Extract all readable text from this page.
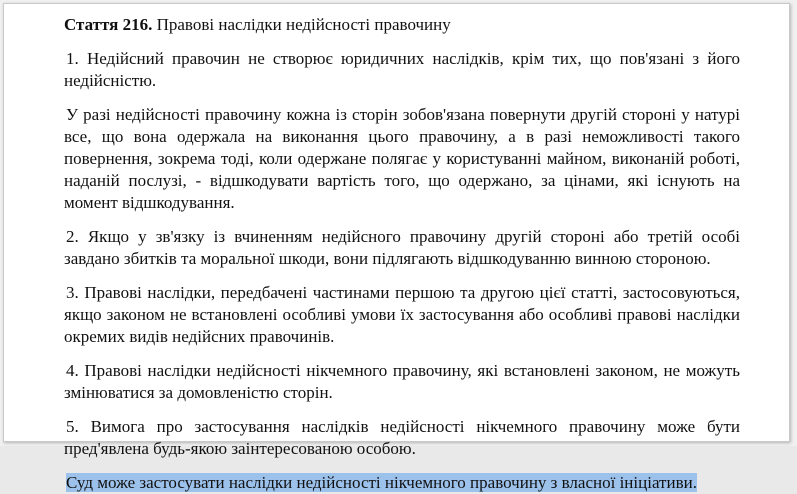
Стаття 216. Правові наслідки недійсності правочину

1. Недійсний правочин не створює юридичних наслідків, крім тих, що пов'язані з його недійсністю.

У разі недійсності правочину кожна із сторін зобов'язана повернути другій стороні у натурі все, що вона одержала на виконання цього правочину, а в разі неможливості такого повернення, зокрема тоді, коли одержане полягає у користуванні майном, виконаній роботі, наданій послузі, - відшкодувати вартість того, що одержано, за цінами, які існують на момент відшкодування.

2. Якщо у зв'язку із вчиненням недійсного правочину другій стороні або третій особі завдано збитків та моральної шкоди, вони підлягають відшкодуванню винною стороною.

3. Правові наслідки, передбачені частинами першою та другою цієї статті, застосовуються, якщо законом не встановлені особливі умови їх застосування або особливі правові наслідки окремих видів недійсних правочинів.

4. Правові наслідки недійсності нікчемного правочину, які встановлені законом, не можуть змінюватися за домовленістю сторін.

5. Вимога про застосування наслідків недійсності нікчемного правочину може бути пред'явлена будь-якою заінтересованою особою.

Суд може застосувати наслідки недійсності нікчемного правочину з власної ініціативи.
